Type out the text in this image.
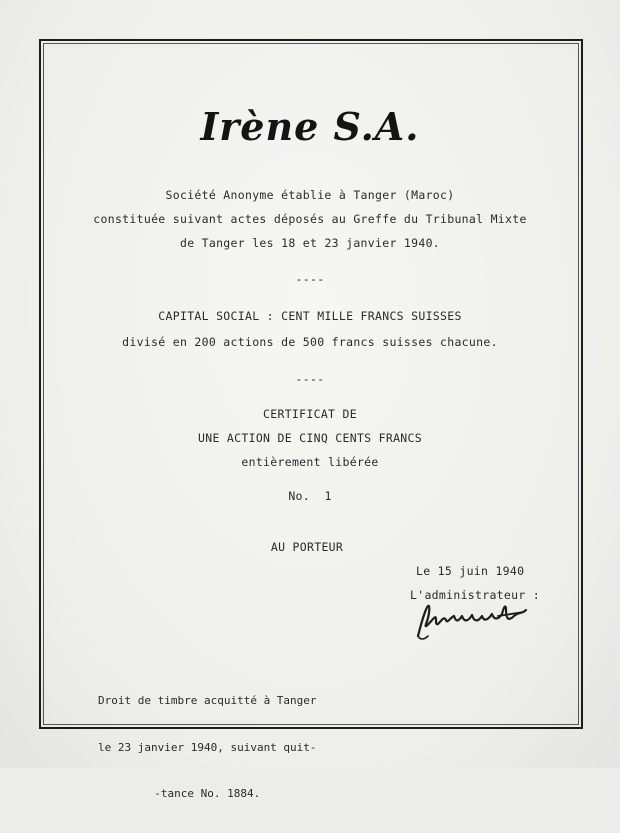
Irène S.A.
Société Anonyme établie à Tanger (Maroc)
constituée suivant actes déposés au Greffe du Tribunal Mixte
de Tanger les 18 et 23 janvier 1940.
----
CAPITAL SOCIAL : CENT MILLE FRANCS SUISSES
divisé en 200 actions de 500 francs suisses chacune.
----
CERTIFICAT DE
UNE ACTION DE CINQ CENTS FRANCS
entièrement libérée
No.  1
AU PORTEUR
Le 15 juin 1940
L'administrateur :

Droit de timbre acquitté à Tanger

le 23 janvier 1940, suivant quit-

-tance No. 1884.
